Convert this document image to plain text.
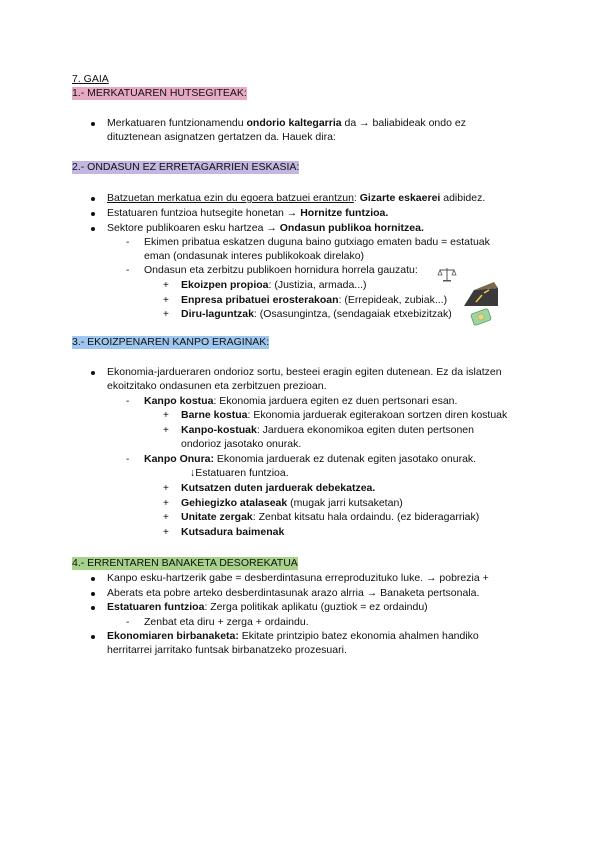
7. GAIA
1.- MERKATUAREN HUTSEGITEAK:
Merkatuaren funtzionamendu ondorio kaltegarria da → baliabideak ondo ez
dituztenean asignatzen gertatzen da. Hauek dira:
2.- ONDASUN EZ ERRETAGARRIEN ESKASIA:
Batzuetan merkatua ezin du egoera batzuei erantzun: Gizarte eskaerei adibidez.
Estatuaren funtzioa hutsegite honetan → Hornitze funtzioa.
Sektore publikoaren esku hartzea → Ondasun publikoa hornitzea.
- Ekimen pribatua eskatzen duguna baino gutxiago ematen badu = estatuak
eman (ondasunak interes publikokoak direlako)
- Ondasun eta zerbitzu publikoen hornidura horrela gauzatu:
+ Ekoizpen propioa: (Justizia, armada...)
+ Enpresa pribatuei erosterakoan: (Errepideak, zubiak...)
+ Diru-laguntzak: (Osasungintza, (sendagaiak etxebizitzak)
3.- EKOIZPENAREN KANPO ERAGINAK:
Ekonomia-jardueraren ondorioz sortu, besteei eragin egiten dutenean. Ez da islatzen
ekoitzitako ondasunen eta zerbitzuen prezioan.
- Kanpo kostua: Ekonomia jarduera egiten ez duen pertsonari esan.
+ Barne kostua: Ekonomia jarduerak egiterakoan sortzen diren kostuak
+ Kanpo-kostuak: Jarduera ekonomikoa egiten duten pertsonen
ondorioz jasotako onurak.
- Kanpo Onura: Ekonomia jarduerak ez dutenak egiten jasotako onurak.
↓Estatuaren funtzioa.
+ Kutsatzen duten jarduerak debekatzea.
+ Gehiegizko atalaseak (mugak jarri kutsaketan)
+ Unitate zergak: Zenbat kitsatu hala ordaindu. (ez bideragarriak)
+ Kutsadura baimenak
4.- ERRENTAREN BANAKETA DESOREKATUA
Kanpo esku-hartzerik gabe = desberdintasuna erreproduzituko luke. → pobrezia +
Aberats eta pobre arteko desberdintasunak arazo alrria → Banaketa pertsonala.
Estatuaren funtzioa: Zerga politikak aplikatu (guztiok = ez ordaindu)
- Zenbat eta diru + zerga + ordaindu.
Ekonomiaren birbanaketa: Ekitate printzipio batez ekonomia ahalmen handiko
herritarrei jarritako funtsak birbanatzeko prozesuari.
